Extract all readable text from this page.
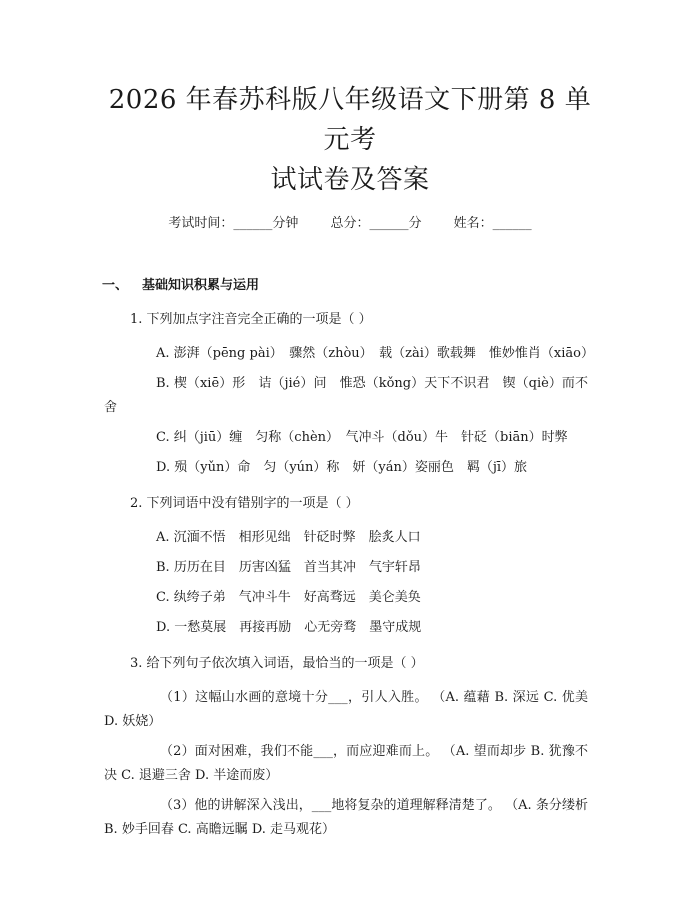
2026 年春苏科版八年级语文下册第 8 单元考
试试卷及答案
考试时间：______分钟 总分：______分 姓名：______
一、 基础知识积累与运用
1. 下列加点字注音完全正确的一项是（ ）
A. 澎湃（pēng pài）　骤然（zhòu）　载（zài）歌载舞　惟妙惟肖（xiāo）
B. 楔（xiē）形　诘（jié）问　惟恐（kǒng）天下不识君　锲（qiè）而不舍
C. 纠（jiū）缠　匀称（chèn）　气冲斗（dǒu）牛　针砭（biān）时弊
D. 殒（yǔn）命　匀（yún）称　妍（yán）姿丽色　羁（jī）旅
2. 下列词语中没有错别字的一项是（ ）
A. 沉湎不悟　相形见绌　针砭时弊　脍炙人口
B. 历历在目　历害凶猛　首当其冲　气宇轩昂
C. 纨绔子弟　气冲斗牛　好高骛远　美仑美奂
D. 一愁莫展　再接再励　心无旁骛　墨守成规
3. 给下列句子依次填入词语，最恰当的一项是（ ）
（1）这幅山水画的意境十分___，引人入胜。 （A. 蕴藉 B. 深远 C. 优美 D. 妖娆）
（2）面对困难，我们不能___，而应迎难而上。 （A. 望而却步 B. 犹豫不决 C. 退避三舍 D. 半途而废）
（3）他的讲解深入浅出，___地将复杂的道理解释清楚了。 （A. 条分缕析 B. 妙手回春 C. 高瞻远瞩 D. 走马观花）
